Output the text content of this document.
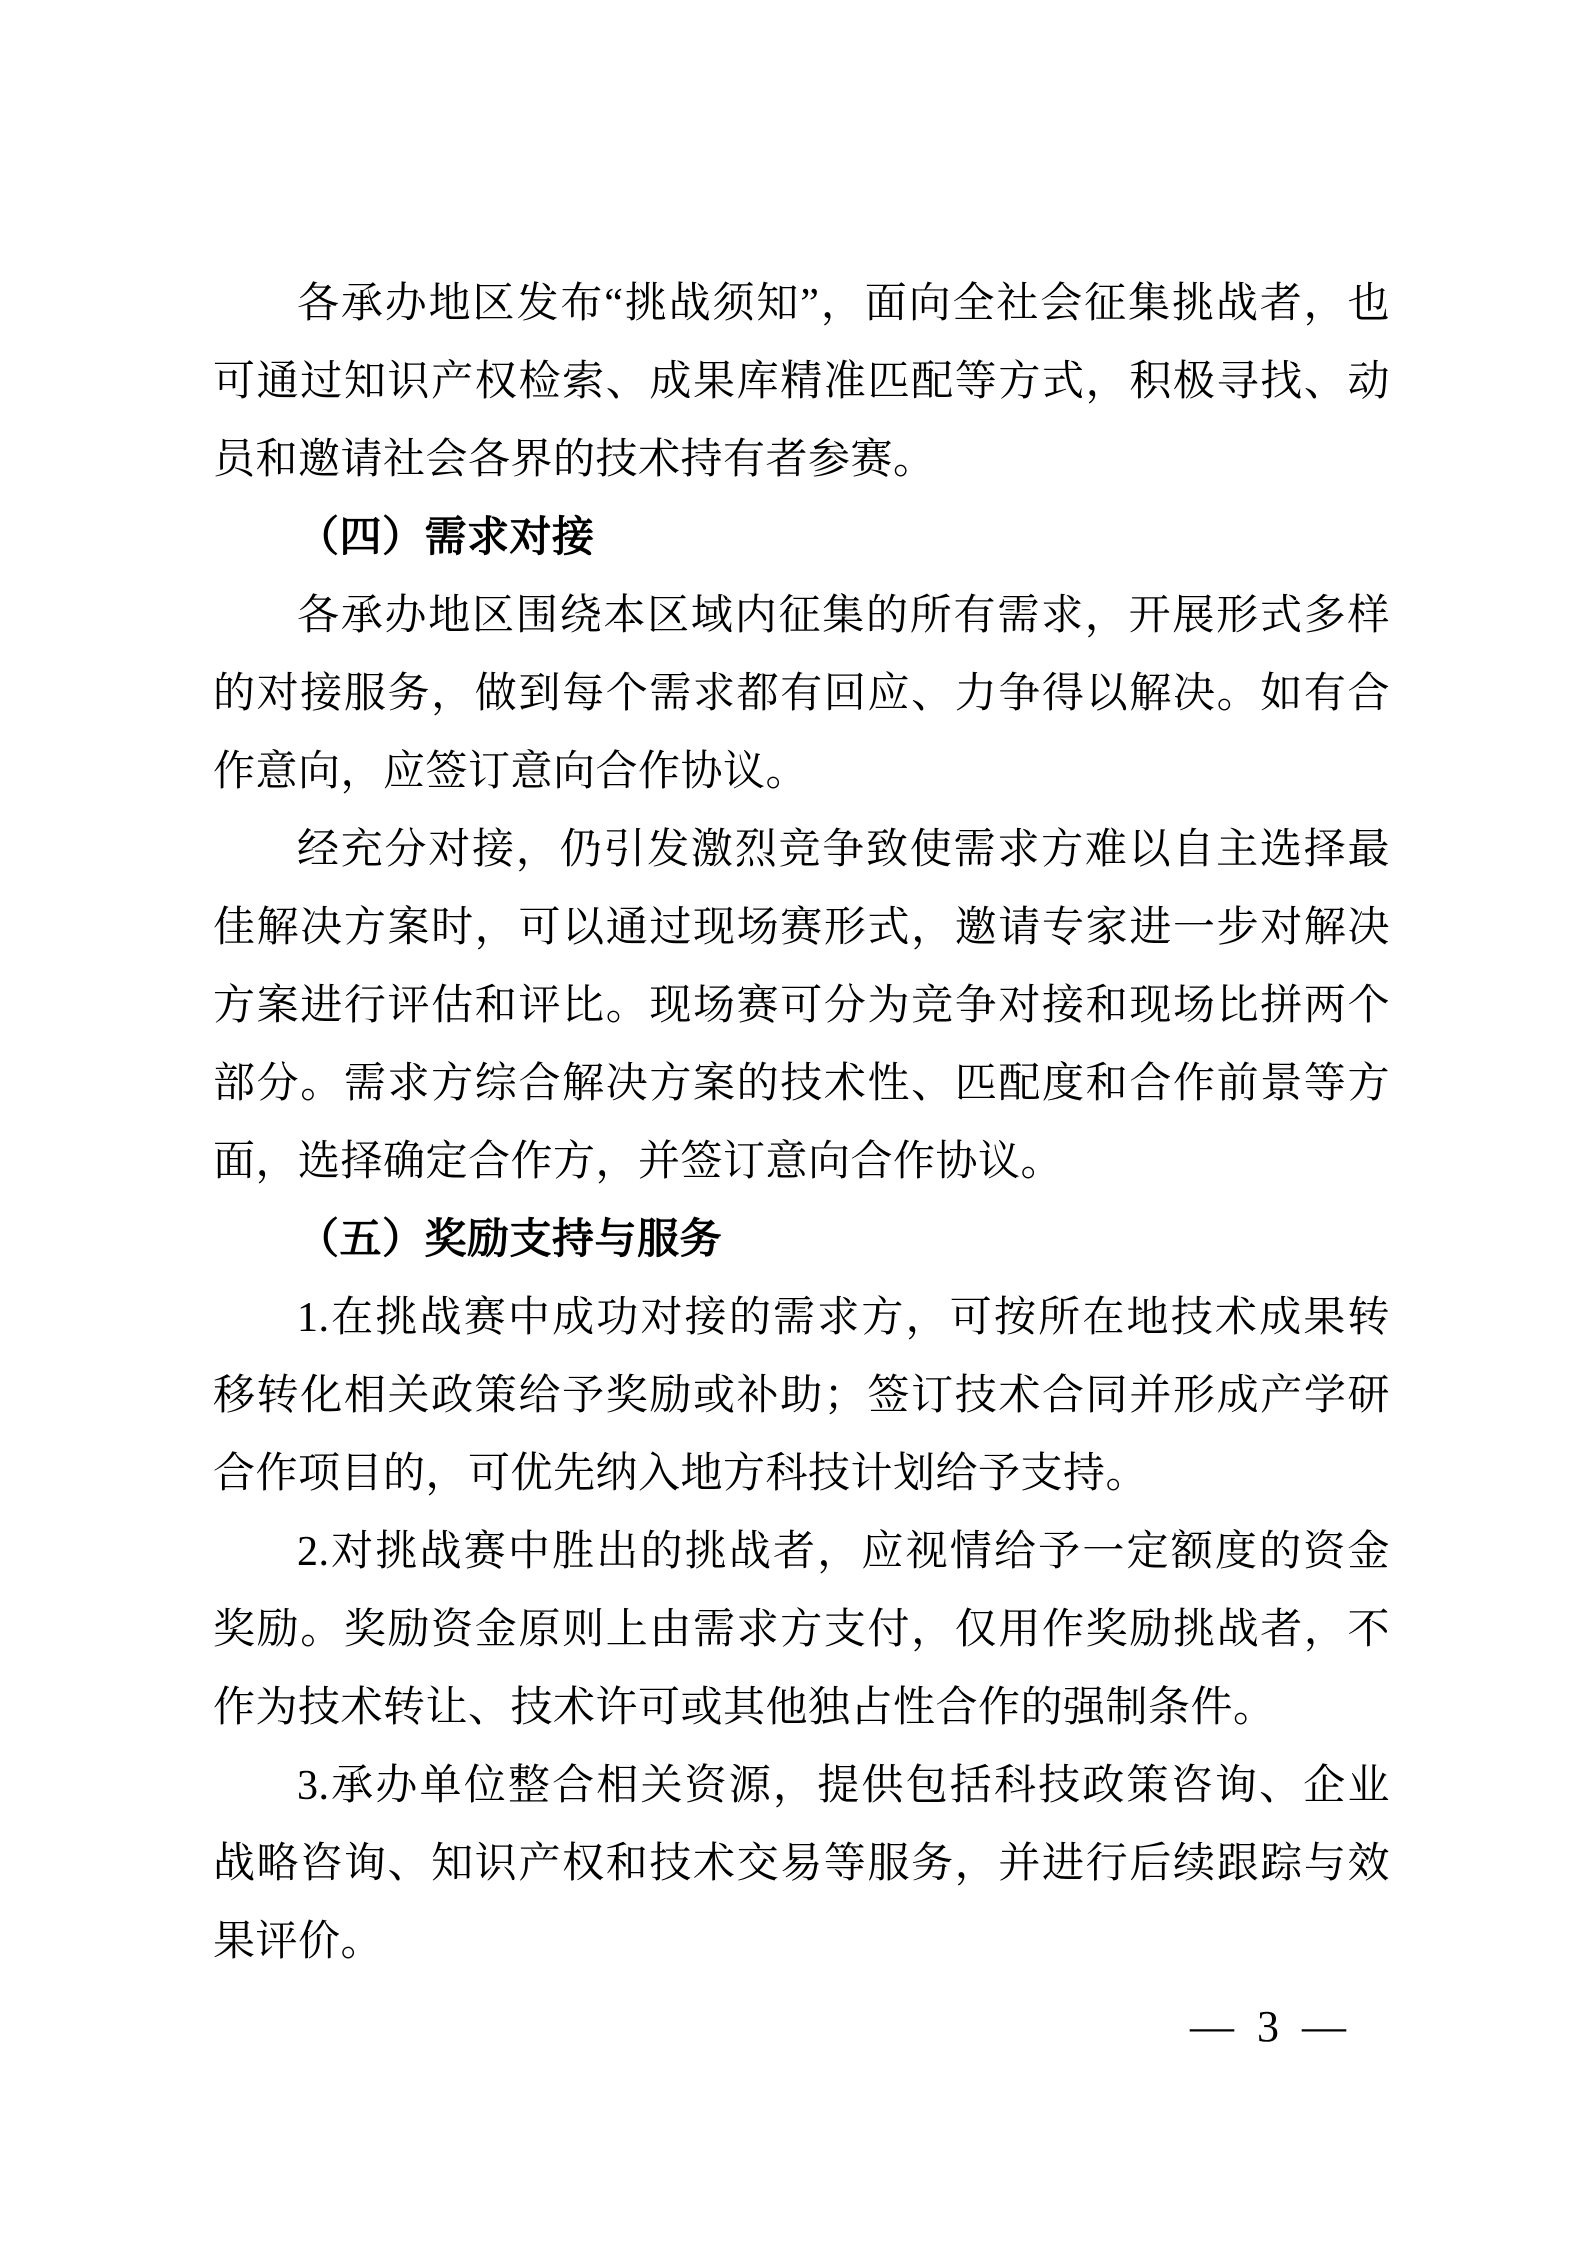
各承办地区发布“挑战须知”，面向全社会征集挑战者，也可通过知识产权检索、成果库精准匹配等方式，积极寻找、动员和邀请社会各界的技术持有者参赛。

（四）需求对接

各承办地区围绕本区域内征集的所有需求，开展形式多样的对接服务，做到每个需求都有回应、力争得以解决。如有合作意向，应签订意向合作协议。

经充分对接，仍引发激烈竞争致使需求方难以自主选择最佳解决方案时，可以通过现场赛形式，邀请专家进一步对解决方案进行评估和评比。现场赛可分为竞争对接和现场比拼两个部分。需求方综合解决方案的技术性、匹配度和合作前景等方面，选择确定合作方，并签订意向合作协议。

（五）奖励支持与服务

1.在挑战赛中成功对接的需求方，可按所在地技术成果转移转化相关政策给予奖励或补助；签订技术合同并形成产学研合作项目的，可优先纳入地方科技计划给予支持。

2.对挑战赛中胜出的挑战者，应视情给予一定额度的资金奖励。奖励资金原则上由需求方支付，仅用作奖励挑战者，不作为技术转让、技术许可或其他独占性合作的强制条件。

3.承办单位整合相关资源，提供包括科技政策咨询、企业战略咨询、知识产权和技术交易等服务，并进行后续跟踪与效果评价。

— 3 —
